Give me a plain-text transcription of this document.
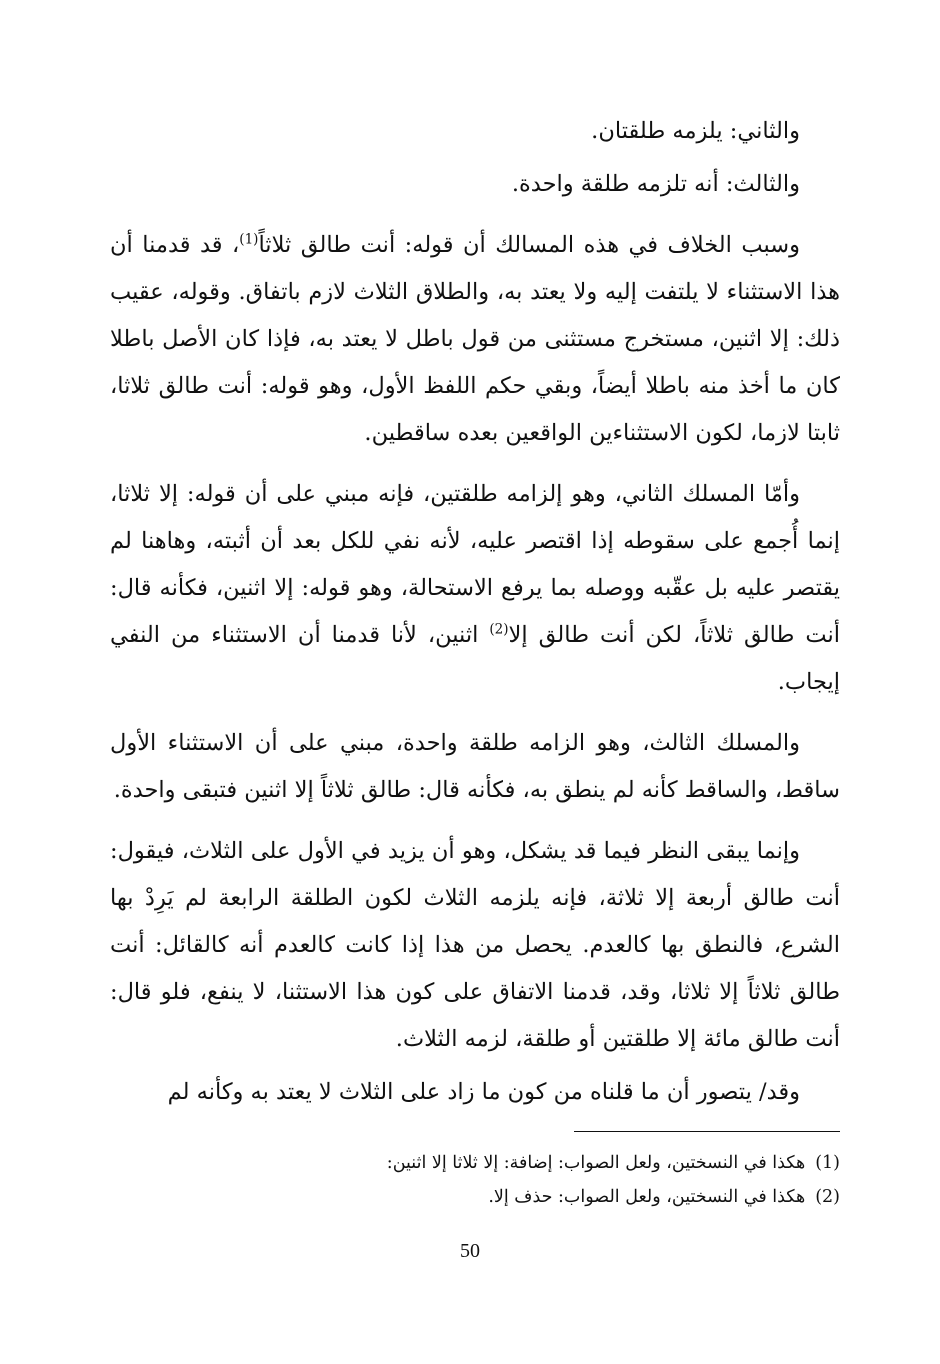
والثاني: يلزمه طلقتان.

والثالث: أنه تلزمه طلقة واحدة.

وسبب الخلاف في هذه المسالك أن قوله: أنت طالق ثلاثاً$^{(1)}$، قد قدمنا أن هذا الاستثناء لا يلتفت إليه ولا يعتد به، والطلاق الثلاث لازم باتفاق. وقوله، عقيب ذلك: إلا اثنين، مستخرج مستثنى من قول باطل لا يعتد به، فإذا كان الأصل باطلا كان ما أخذ منه باطلا أيضاً، وبقي حكم اللفظ الأول، وهو قوله: أنت طالق ثلاثا، ثابتا لازما، لكون الاستثناءين الواقعين بعده ساقطين.

وأمّا المسلك الثاني، وهو إلزامه طلقتين، فإنه مبني على أن قوله: إلا ثلاثا، إنما أُجمع على سقوطه إذا اقتصر عليه، لأنه نفي للكل بعد أن أثبته، وهاهنا لم يقتصر عليه بل عقّبه ووصله بما يرفع الاستحالة، وهو قوله: إلا اثنين، فكأنه قال: أنت طالق ثلاثاً، لكن أنت طالق إلا$^{(2)}$ اثنين، لأنا قدمنا أن الاستثناء من النفي إيجاب.

والمسلك الثالث، وهو الزامه طلقة واحدة، مبني على أن الاستثناء الأول ساقط، والساقط كأنه لم ينطق به، فكأنه قال: طالق ثلاثاً إلا اثنين فتبقى واحدة.

وإنما يبقى النظر فيما قد يشكل، وهو أن يزيد في الأول على الثلاث، فيقول: أنت طالق أربعة إلا ثلاثة، فإنه يلزمه الثلاث لكون الطلقة الرابعة لم يَرِدْ بها الشرع، فالنطق بها كالعدم. يحصل من هذا إذا كانت كالعدم أنه كالقائل: أنت طالق ثلاثاً إلا ثلاثا، وقد، قدمنا الاتفاق على كون هذا الاستثنا، لا ينفع، فلو قال: أنت طالق مائة إلا طلقتين أو طلقة، لزمه الثلاث.

وقد/ يتصور أن ما قلناه من كون ما زاد على الثلاث لا يعتد به وكأنه لم

(1)هكذا في النسختين، ولعل الصواب: إضافة: إلا ثلاثا إلا اثنين:

(2)هكذا في النسختين، ولعل الصواب: حذف إلا.

50
